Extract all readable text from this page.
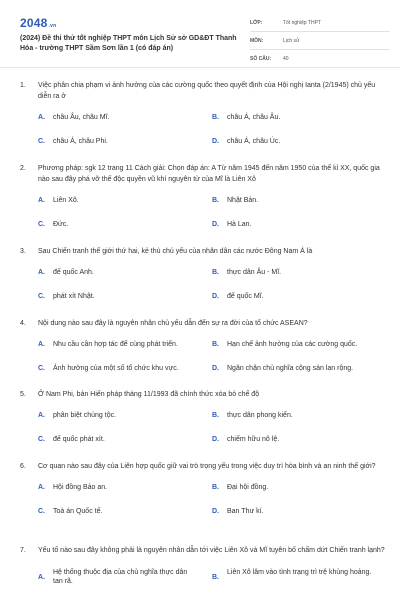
2048.vn
(2024) Đề thi thử tốt nghiệp THPT môn Lịch Sử sở GD&ĐT Thanh Hóa - trường THPT Sầm Sơn lần 1 (có đáp án)
LỚP:	Tốt nghiệp THPT
MÔN:	Lịch sử
SỐ CÂU:	40
1. Việc phân chia phạm vi ảnh hưởng của các cường quốc theo quyết định của Hội nghị Ianta (2/1945) chủ yếu diễn ra ở
A. châu Âu, châu Mĩ.	B. châu Á, châu Âu.
C. châu Á, châu Phi.	D. châu Á, châu Úc.
2. Phương pháp: sgk 12 trang 11 Cách giải: Chọn đáp án: A Từ năm 1945 đến năm 1950 của thế kỉ XX, quốc gia nào sau đây phá vỡ thế độc quyền vũ khí nguyên tử của Mĩ là Liên Xô
A. Liên Xô.	B. Nhật Bản.
C. Đức.	D. Hà Lan.
3. Sau Chiến tranh thế giới thứ hai, kẻ thù chủ yếu của nhân dân các nước Đông Nam Á là
A. đế quốc Anh.	B. thực dân Âu - Mĩ.
C. phát xít Nhật.	D. đế quốc Mĩ.
4. Nội dung nào sau đây là nguyên nhân chủ yếu dẫn đến sự ra đời của tổ chức ASEAN?
A. Nhu cầu cần hợp tác để cùng phát triển.	B. Hạn chế ảnh hưởng của các cường quốc.
C. Ảnh hưởng của một số tổ chức khu vực.	D. Ngăn chặn chủ nghĩa cộng sản lan rộng.
5. Ở Nam Phi, bản Hiến pháp tháng 11/1993 đã chính thức xóa bỏ chế độ
A. phân biệt chủng tộc.	B. thực dân phong kiến.
C. đế quốc phát xít.	D. chiếm hữu nô lệ.
6. Cơ quan nào sau đây của Liên hợp quốc giữ vai trò trọng yếu trong việc duy trì hòa bình và an ninh thế giới?
A. Hội đồng Bảo an.	B. Đại hội đồng.
C. Toà án Quốc tế.	D. Ban Thư kí.
7. Yếu tố nào sau đây không phải là nguyên nhân dẫn tới việc Liên Xô và Mĩ tuyên bố chấm dứt Chiến tranh lạnh?
A.
Hệ thống thuộc địa của chủ nghĩa thực dân tan rã.
B.
Liên Xô lâm vào tình trạng trì trệ khủng hoảng.
